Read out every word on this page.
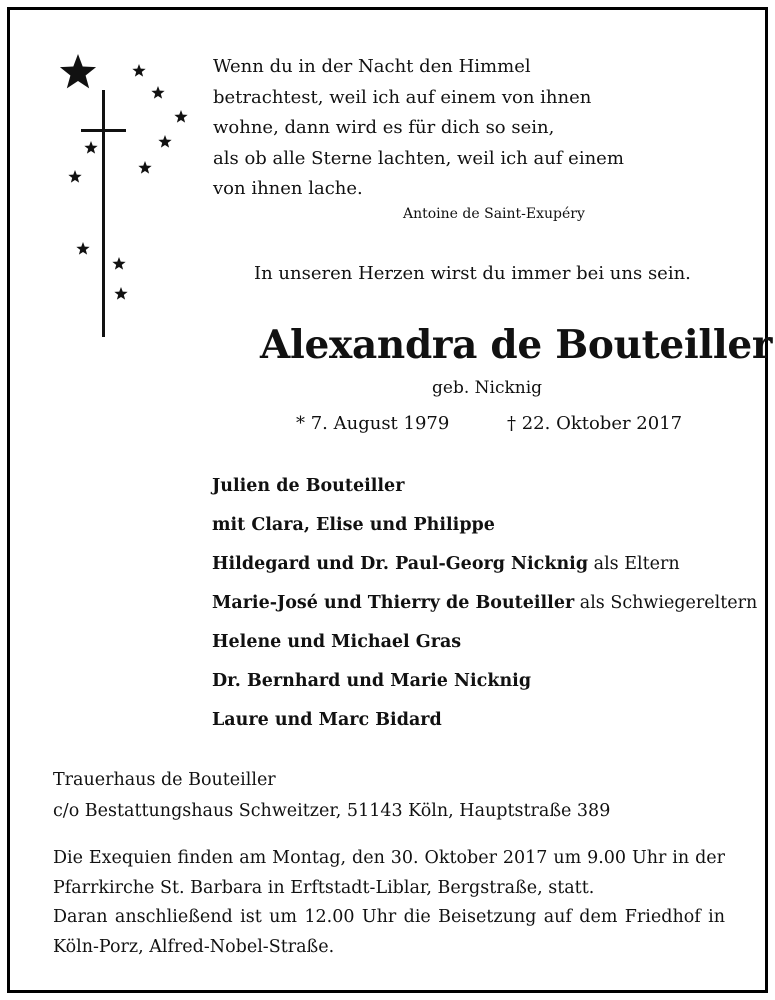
Wenn du in der Nacht den Himmel
betrachtest, weil ich auf einem von ihnen
wohne, dann wird es für dich so sein,
als ob alle Sterne lachten, weil ich auf einem
von ihnen lache.
Antoine de Saint-Exupéry
In unseren Herzen wirst du immer bei uns sein.
Alexandra de Bouteiller
geb. Nicknig
* 7. August 1979	† 22. Oktober 2017
Julien de Bouteiller
mit Clara, Elise und Philippe
Hildegard und Dr. Paul-Georg Nicknig als Eltern
Marie-José und Thierry de Bouteiller als Schwiegereltern
Helene und Michael Gras
Dr. Bernhard und Marie Nicknig
Laure und Marc Bidard
Trauerhaus de Bouteiller
c/o Bestattungshaus Schweitzer, 51143 Köln, Hauptstraße 389
Die Exequien finden am Montag, den 30. Oktober 2017 um 9.00 Uhr in der Pfarrkirche St. Barbara in Erftstadt-Liblar, Bergstraße, statt.
Daran anschließend ist um 12.00 Uhr die Beisetzung auf dem Friedhof in Köln-Porz, Alfred-Nobel-Straße.
